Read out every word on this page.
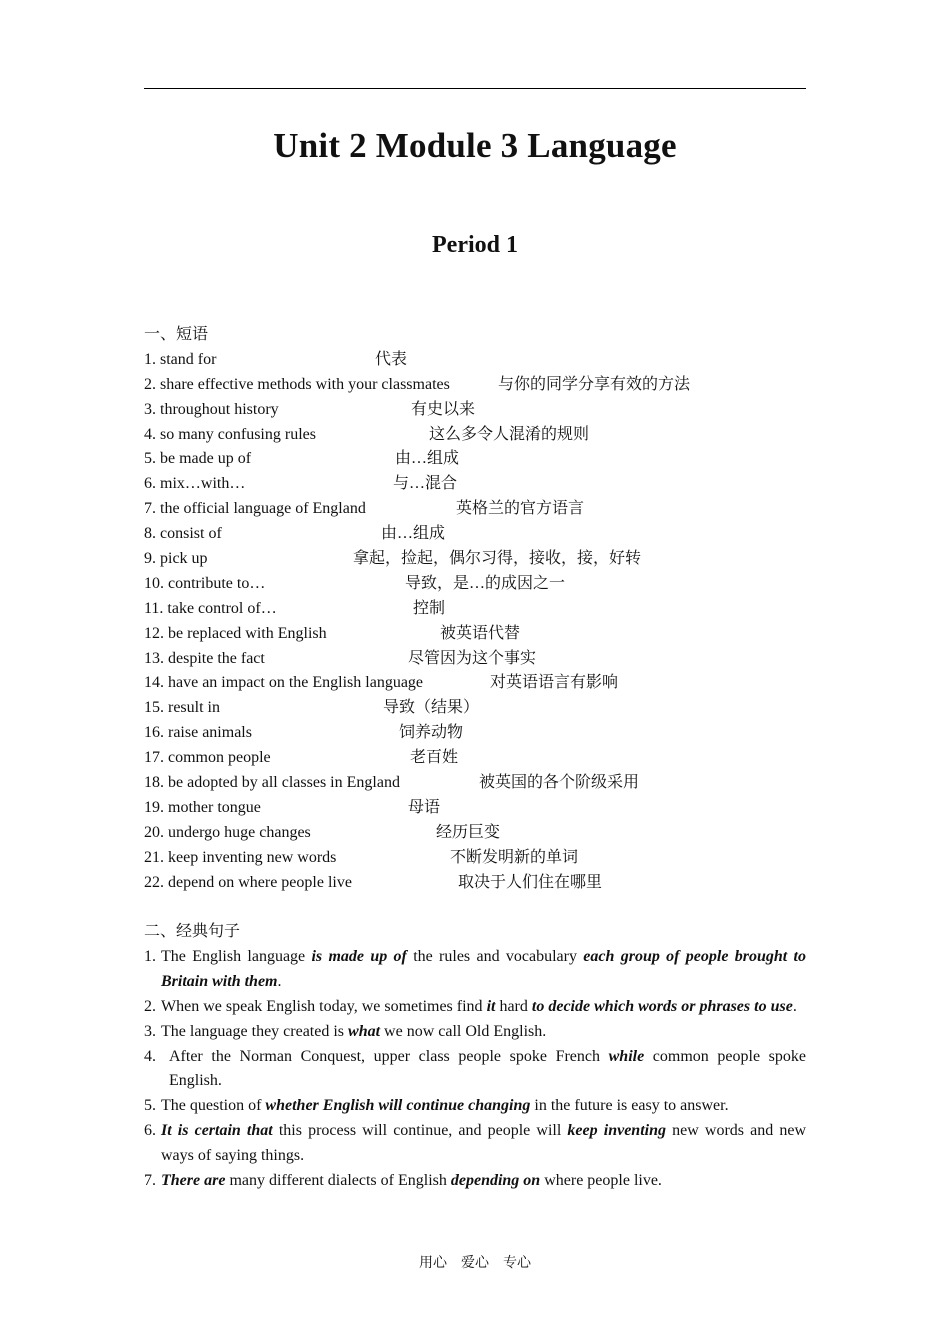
Unit 2 Module 3 Language
Period 1
一、短语
1. stand for	代表
2. share effective methods with your classmates	与你的同学分享有效的方法
3. throughout history	有史以来
4. so many confusing rules	这么多令人混淆的规则
5. be made up of	由…组成
6. mix…with…	与…混合
7. the official language of England	英格兰的官方语言
8. consist of	由…组成
9. pick up	拿起，捡起，偶尔习得，接收，接，好转
10. contribute to…	导致，是…的成因之一
11. take control of…	控制
12. be replaced with English	被英语代替
13. despite the fact	尽管因为这个事实
14. have an impact on the English language	对英语语言有影响
15. result in	导致（结果）
16. raise animals	饲养动物
17. common people	老百姓
18. be adopted by all classes in England	被英国的各个阶级采用
19. mother tongue	母语
20. undergo huge changes	经历巨变
21. keep inventing new words	不断发明新的单词
22. depend on where people live	取决于人们住在哪里
二、经典句子
1. The English language is made up of the rules and vocabulary each group of people brought to Britain with them.
2. When we speak English today, we sometimes find it hard to decide which words or phrases to use.
3. The language they created is what we now call Old English.
4. After the Norman Conquest, upper class people spoke French while common people spoke English.
5. The question of whether English will continue changing in the future is easy to answer.
6. It is certain that this process will continue, and people will keep inventing new words and new ways of saying things.
7. There are many different dialects of English depending on where people live.
用心　爱心　专心
